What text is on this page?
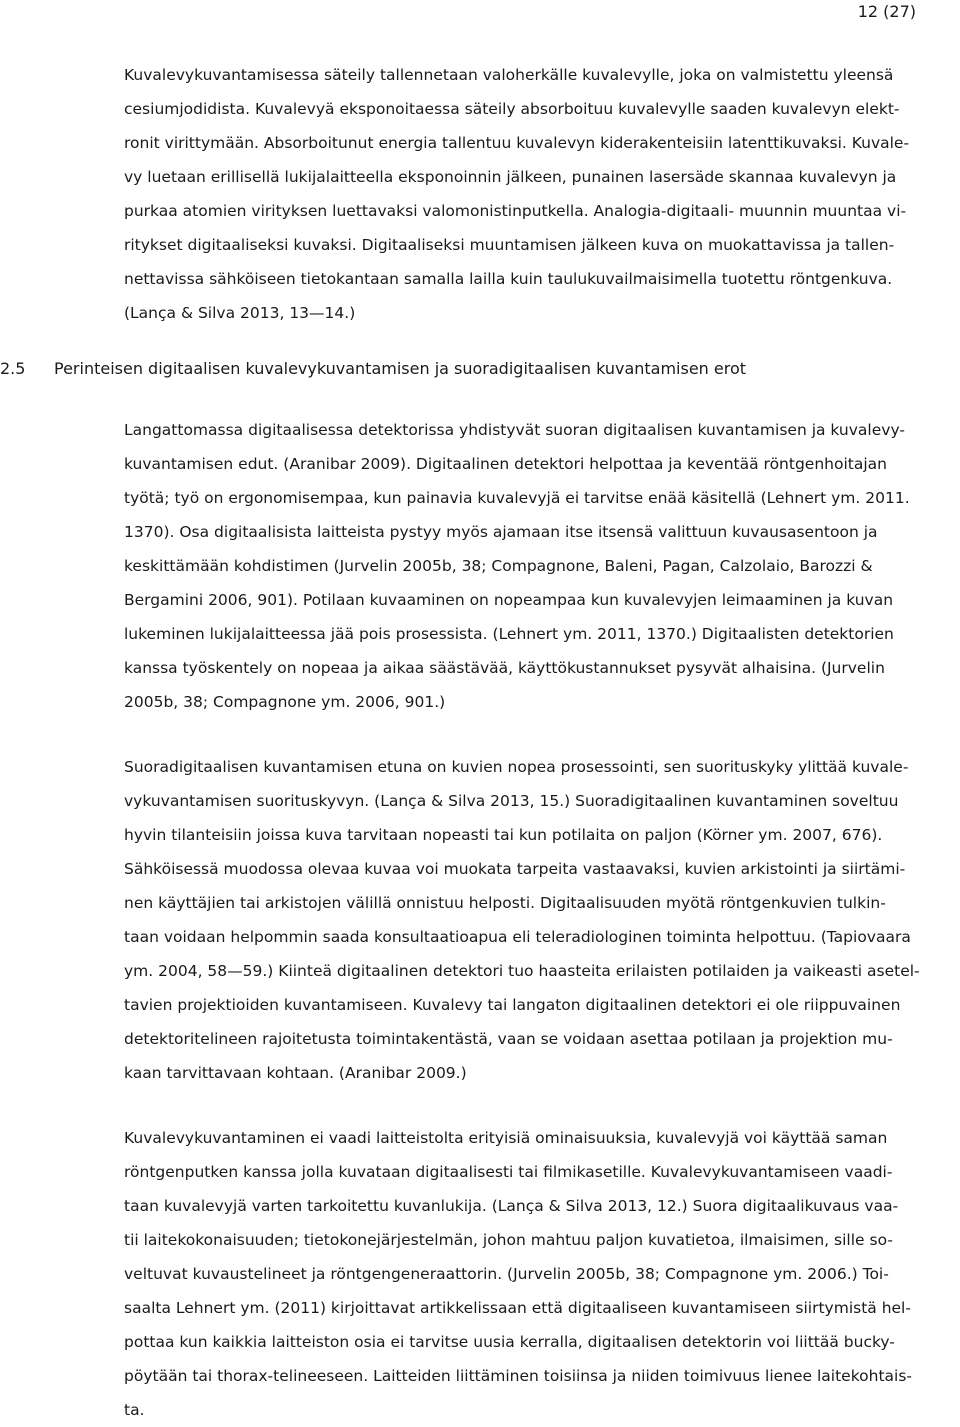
12 (27)
Kuvalevykuvantamisessa säteily tallennetaan valoherkälle kuvalevylle, joka on valmistettu yleensä
cesiumjodidista. Kuvalevyä eksponoitaessa säteily absorboituu kuvalevylle saaden kuvalevyn elekt-
ronit virittymään. Absorboitunut energia tallentuu kuvalevyn kiderakenteisiin latenttikuvaksi. Kuvale-
vy luetaan erillisellä lukijalaitteella eksponoinnin jälkeen, punainen lasersäde skannaa kuvalevyn ja
purkaa atomien virityksen luettavaksi valomonistinputkella. Analogia-digitaali- muunnin muuntaa vi-
ritykset digitaaliseksi kuvaksi. Digitaaliseksi muuntamisen jälkeen kuva on muokattavissa ja tallen-
nettavissa sähköiseen tietokantaan samalla lailla kuin taulukuvailmaisimella tuotettu röntgenkuva.
(Lança & Silva 2013, 13—14.)
2.5	Perinteisen digitaalisen kuvalevykuvantamisen ja suoradigitaalisen kuvantamisen erot
Langattomassa digitaalisessa detektorissa yhdistyvät suoran digitaalisen kuvantamisen ja kuvalevy-
kuvantamisen edut. (Aranibar 2009). Digitaalinen detektori helpottaa ja keventää röntgenhoitajan
työtä; työ on ergonomisempaa, kun painavia kuvalevyjä ei tarvitse enää käsitellä (Lehnert ym. 2011.
1370). Osa digitaalisista laitteista pystyy myös ajamaan itse itsensä valittuun kuvausasentoon ja
keskittämään kohdistimen (Jurvelin 2005b, 38; Compagnone, Baleni, Pagan, Calzolaio, Barozzi &
Bergamini 2006, 901). Potilaan kuvaaminen on nopeampaa kun kuvalevyjen leimaaminen ja kuvan
lukeminen lukijalaitteessa jää pois prosessista. (Lehnert ym. 2011, 1370.) Digitaalisten detektorien
kanssa työskentely on nopeaa ja aikaa säästävää, käyttökustannukset pysyvät alhaisina. (Jurvelin
2005b, 38; Compagnone ym. 2006, 901.)
Suoradigitaalisen kuvantamisen etuna on kuvien nopea prosessointi, sen suorituskyky ylittää kuvale-
vykuvantamisen suorituskyvyn. (Lança & Silva 2013, 15.) Suoradigitaalinen kuvantaminen soveltuu
hyvin tilanteisiin joissa kuva tarvitaan nopeasti tai kun potilaita on paljon (Körner ym. 2007, 676).
Sähköisessä muodossa olevaa kuvaa voi muokata tarpeita vastaavaksi, kuvien arkistointi ja siirtämi-
nen käyttäjien tai arkistojen välillä onnistuu helposti. Digitaalisuuden myötä röntgenkuvien tulkin-
taan voidaan helpommin saada konsultaatioapua eli teleradiologinen toiminta helpottuu. (Tapiovaara
ym. 2004, 58—59.) Kiinteä digitaalinen detektori tuo haasteita erilaisten potilaiden ja vaikeasti asetel-
tavien projektioiden kuvantamiseen. Kuvalevy tai langaton digitaalinen detektori ei ole riippuvainen
detektoritelineen rajoitetusta toimintakentästä, vaan se voidaan asettaa potilaan ja projektion mu-
kaan tarvittavaan kohtaan. (Aranibar 2009.)
Kuvalevykuvantaminen ei vaadi laitteistolta erityisiä ominaisuuksia, kuvalevyjä voi käyttää saman
röntgenputken kanssa jolla kuvataan digitaalisesti tai filmikasetille. Kuvalevykuvantamiseen vaadi-
taan kuvalevyjä varten tarkoitettu kuvanlukija. (Lança & Silva 2013, 12.) Suora digitaalikuvaus vaa-
tii laitekokonaisuuden; tietokonejärjestelmän, johon mahtuu paljon kuvatietoa, ilmaisimen, sille so-
veltuvat kuvaustelineet ja röntgengeneraattorin. (Jurvelin 2005b, 38; Compagnone ym. 2006.) Toi-
saalta Lehnert ym. (2011) kirjoittavat artikkelissaan että digitaaliseen kuvantamiseen siirtymistä hel-
pottaa kun kaikkia laitteiston osia ei tarvitse uusia kerralla, digitaalisen detektorin voi liittää bucky-
pöytään tai thorax-telineeseen. Laitteiden liittäminen toisiinsa ja niiden toimivuus lienee laitekohtais-
ta.
